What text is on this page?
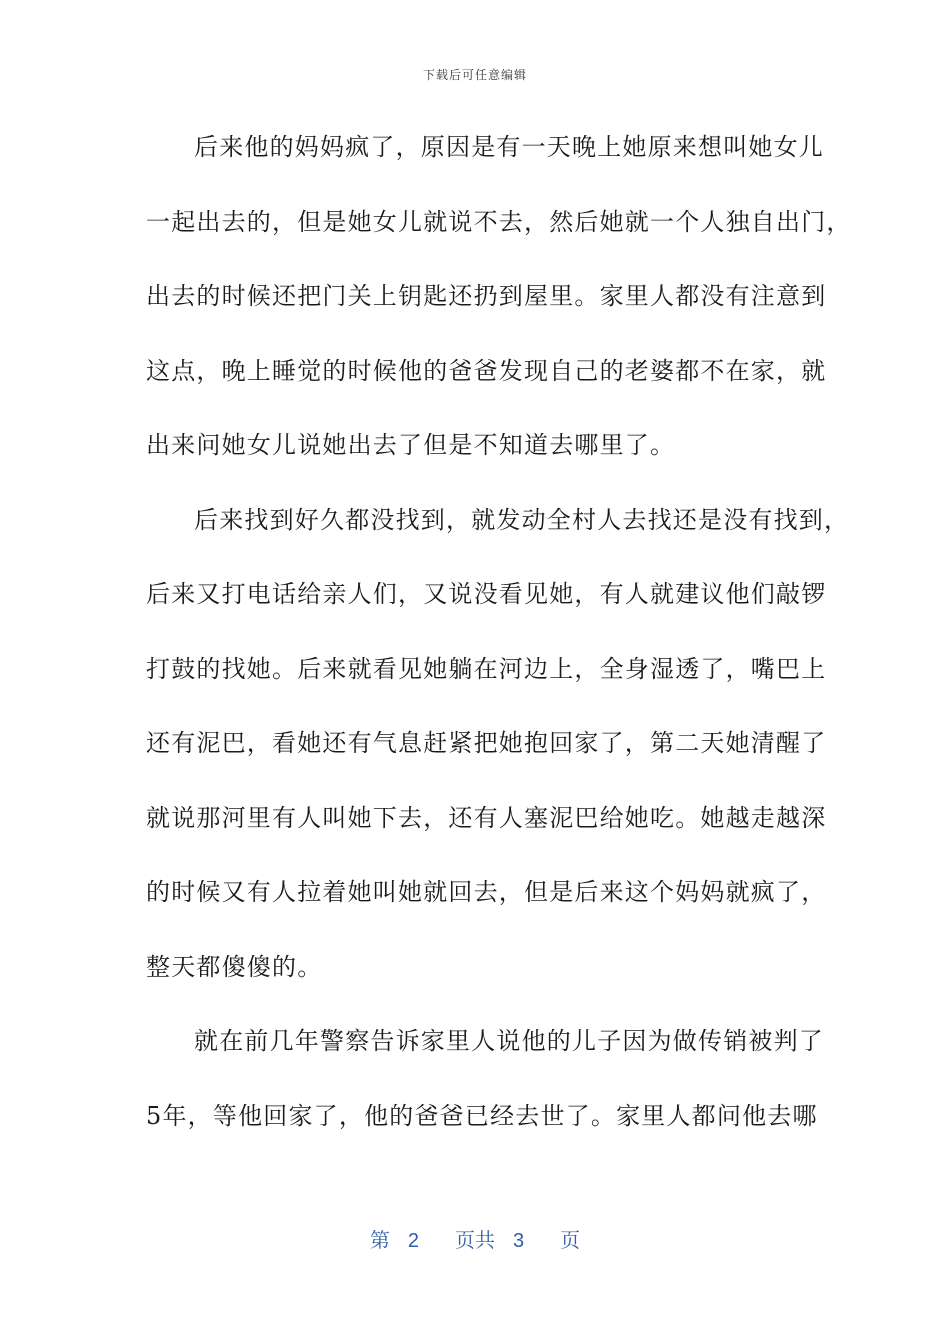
下载后可任意编辑
后来他的妈妈疯了，原因是有一天晚上她原来想叫她女儿
一起出去的，但是她女儿就说不去，然后她就一个人独自出门，
出去的时候还把门关上钥匙还扔到屋里。家里人都没有注意到
这点，晚上睡觉的时候他的爸爸发现自己的老婆都不在家，就
出来问她女儿说她出去了但是不知道去哪里了。
后来找到好久都没找到，就发动全村人去找还是没有找到，
后来又打电话给亲人们，又说没看见她，有人就建议他们敲锣
打鼓的找她。后来就看见她躺在河边上，全身湿透了，嘴巴上
还有泥巴，看她还有气息赶紧把她抱回家了，第二天她清醒了
就说那河里有人叫她下去，还有人塞泥巴给她吃。她越走越深
的时候又有人拉着她叫她就回去，但是后来这个妈妈就疯了，
整天都傻傻的。
就在前几年警察告诉家里人说他的儿子因为做传销被判了
5年，等他回家了，他的爸爸已经去世了。家里人都问他去哪
第 2 页共 3 页
